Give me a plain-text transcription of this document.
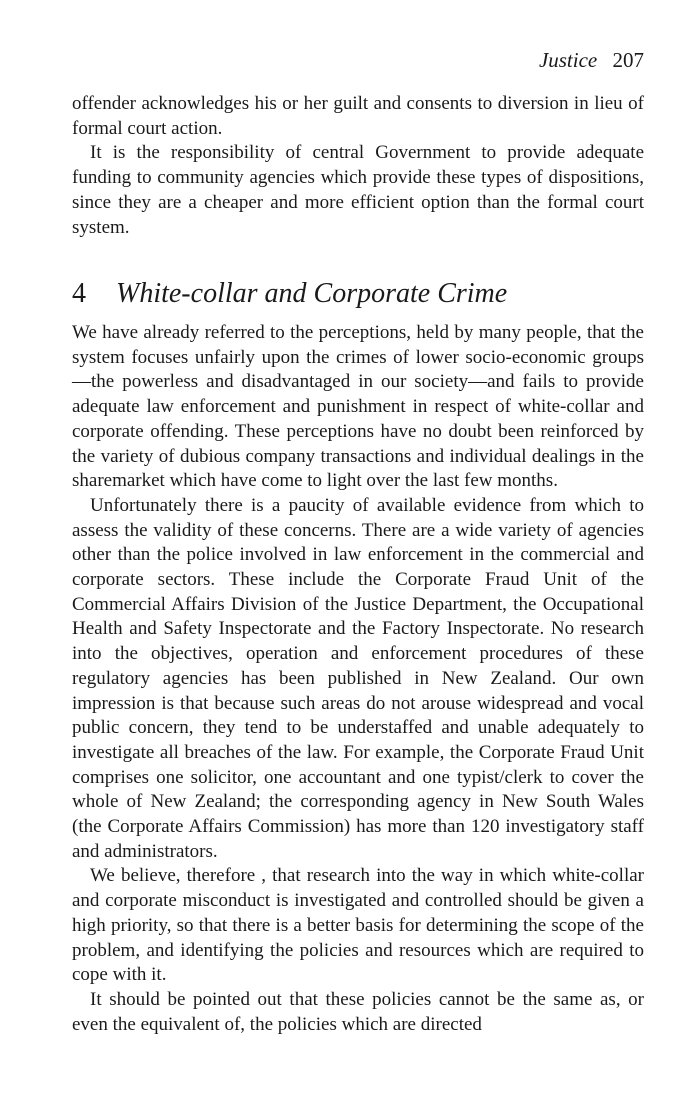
Justice 207

offender acknowledges his or her guilt and consents to diversion in lieu of formal court action.

It is the responsibility of central Government to provide adequate funding to community agencies which provide these types of dispositions, since they are a cheaper and more efficient option than the formal court system.

4 White-collar and Corporate Crime

We have already referred to the perceptions, held by many people, that the system focuses unfairly upon the crimes of lower socio-economic groups —the powerless and disadvantaged in our society—and fails to provide adequate law enforcement and punishment in respect of white-collar and corporate offending. These perceptions have no doubt been reinforced by the variety of dubious company transactions and individual dealings in the sharemarket which have come to light over the last few months.

Unfortunately there is a paucity of available evidence from which to assess the validity of these concerns. There are a wide variety of agencies other than the police involved in law enforcement in the commercial and corporate sectors. These include the Corporate Fraud Unit of the Commercial Affairs Division of the Justice Department, the Occupational Health and Safety Inspectorate and the Factory Inspectorate. No research into the objectives, operation and enforcement procedures of these regulatory agencies has been published in New Zealand. Our own impression is that because such areas do not arouse widespread and vocal public concern, they tend to be understaffed and unable adequately to investigate all breaches of the law. For example, the Corporate Fraud Unit comprises one solicitor, one accountant and one typist/clerk to cover the whole of New Zealand; the corresponding agency in New South Wales (the Corporate Affairs Commission) has more than 120 investigatory staff and administrators.

We believe, therefore , that research into the way in which white-collar and corporate misconduct is investigated and controlled should be given a high priority, so that there is a better basis for determining the scope of the problem, and identifying the policies and resources which are required to cope with it.

It should be pointed out that these policies cannot be the same as, or even the equivalent of, the policies which are directed
